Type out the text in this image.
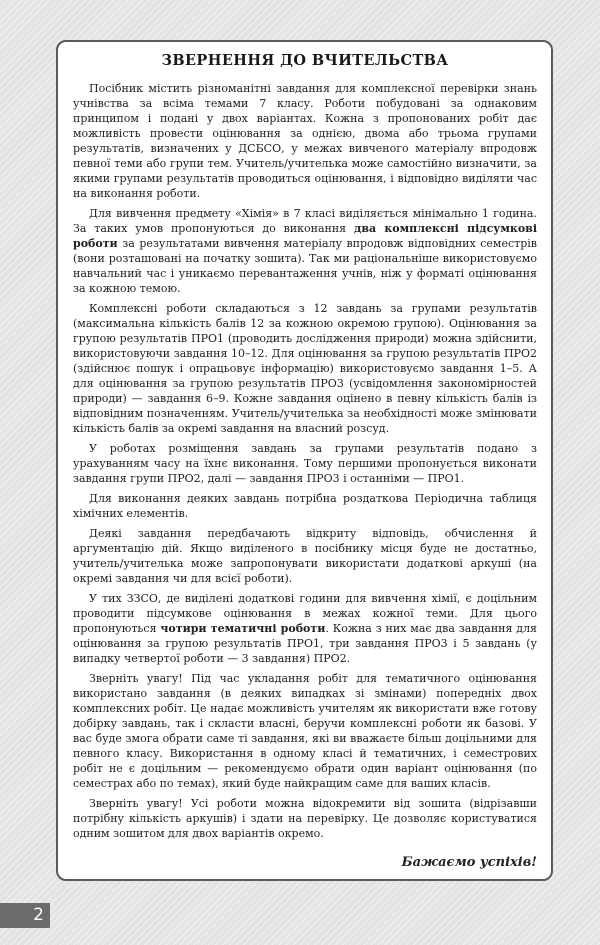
ЗВЕРНЕННЯ ДО ВЧИТЕЛЬСТВА

Посібник містить різноманітні завдання для комплексної перевірки знань учнівства за всіма темами 7 класу. Роботи побудовані за однаковим принципом і подані у двох варіантах. Кожна з пропонованих робіт дає можливість провести оцінювання за однією, двома або трьома групами результатів, визначених у ДСБСО, у межах вивченого матеріалу впродовж певної теми або групи тем. Учитель/учителька може самостійно визначити, за якими групами результатів проводиться оцінювання, і відповідно виділяти час на виконання роботи.

Для вивчення предмету «Хімія» в 7 класі виділяється мінімально 1 година. За таких умов пропонуються до виконання два комплексні підсумкові роботи за результатами вивчення матеріалу впродовж відповідних семестрів (вони розташовані на початку зошита). Так ми раціональніше використовуємо навчальний час і уникаємо перевантаження учнів, ніж у форматі оцінювання за кожною темою.

Комплексні роботи складаються з 12 завдань за групами результатів (максимальна кількість балів 12 за кожною окремою групою). Оцінювання за групою результатів ПРО1 (проводить дослідження природи) можна здійснити, використовуючи завдання 10–12. Для оцінювання за групою результатів ПРО2 (здійснює пошук і опрацьовує інформацію) використовуємо завдання 1–5. А для оцінювання за групою результатів ПРО3 (усвідомлення закономірностей природи) — завдання 6–9. Кожне завдання оцінено в певну кількість балів із відповідним позначенням. Учитель/учителька за необхідності може змінювати кількість балів за окремі завдання на власний розсуд.

У роботах розміщення завдань за групами результатів подано з урахуванням часу на їхнє виконання. Тому першими пропонується виконати завдання групи ПРО2, далі — завдання ПРО3 і останніми — ПРО1.

Для виконання деяких завдань потрібна роздаткова Періодична таблиця хімічних елементів.

Деякі завдання передбачають відкриту відповідь, обчислення й аргументацію дій. Якщо виділеного в посібнику місця буде не достатньо, учитель/учителька може запропонувати використати додаткові аркуші (на окремі завдання чи для всієї роботи).

У тих ЗЗСО, де виділені додаткові години для вивчення хімії, є доцільним проводити підсумкове оцінювання в межах кожної теми. Для цього пропонуються чотири тематичні роботи. Кожна з них має два завдання для оцінювання за групою результатів ПРО1, три завдання ПРО3 і 5 завдань (у випадку четвертої роботи — 3 завдання) ПРО2.

Зверніть увагу! Під час укладання робіт для тематичного оцінювання використано завдання (в деяких випадках зі змінами) попередніх двох комплексних робіт. Це надає можливість учителям як використати вже готову добірку завдань, так і скласти власні, беручи комплексні роботи як базові. У вас буде змога обрати саме ті завдання, які ви вважаєте більш доцільними для певного класу. Використання в одному класі й тематичних, і семестрових робіт не є доцільним — рекомендуємо обрати один варіант оцінювання (по семестрах або по темах), який буде найкращим саме для ваших класів.

Зверніть увагу! Усі роботи можна відокремити від зошита (відрізавши потрібну кількість аркушів) і здати на перевірку. Це дозволяє користуватися одним зошитом для двох варіантів окремо.

Бажаємо успіхів!
2
